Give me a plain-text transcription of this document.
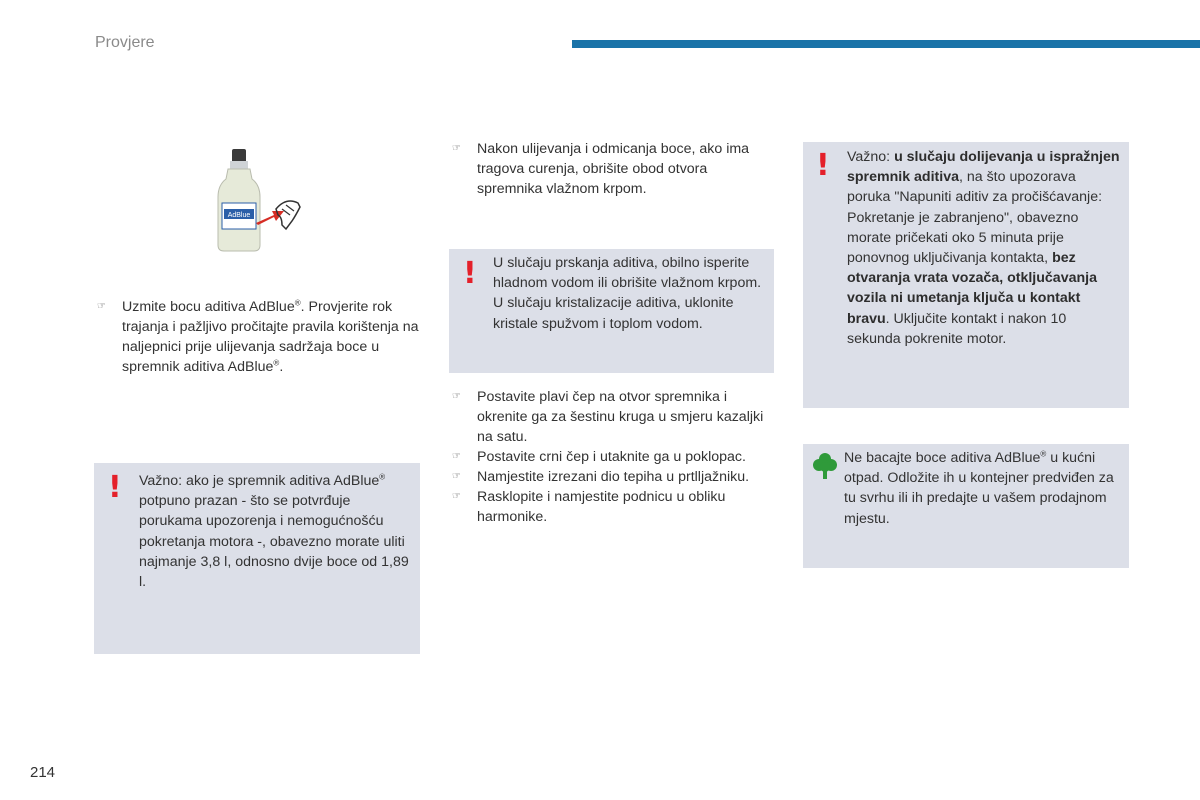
Provjere
AdBlue
☞	Uzmite bocu aditiva AdBlue®. Provjerite rok trajanja i pažljivo pročitajte pravila korištenja na naljepnici prije ulijevanja sadržaja boce u spremnik aditiva AdBlue®.
! Važno: ako je spremnik aditiva AdBlue® potpuno prazan - što se potvrđuje porukama upozorenja i nemogućnošću pokretanja motora -, obavezno morate uliti najmanje 3,8 l, odnosno dvije boce od 1,89 l.
☞	Nakon ulijevanja i odmicanja boce, ako ima tragova curenja, obrišite obod otvora spremnika vlažnom krpom.
! U slučaju prskanja aditiva, obilno isperite hladnom vodom ili obrišite vlažnom krpom.

U slučaju kristalizacije aditiva, uklonite kristale spužvom i toplom vodom.

☞	Postavite plavi čep na otvor spremnika i okrenite ga za šestinu kruga u smjeru kazaljki na satu.
☞	Postavite crni čep i utaknite ga u poklopac.
☞	Namjestite izrezani dio tepiha u prtlljažniku.
☞	Rasklopite i namjestite podnicu u obliku harmonike.
! Važno: u slučaju dolijevanja u ispražnjen spremnik aditiva, na što upozorava poruka "Napuniti aditiv za pročišćavanje: Pokretanje je zabranjeno", obavezno morate pričekati oko 5 minuta prije ponovnog uključivanja kontakta, bez otvaranja vrata vozača, otključavanja vozila ni umetanja ključa u kontakt bravu. Uključite kontakt i nakon 10 sekunda pokrenite motor.
Ne bacajte boce aditiva AdBlue® u kućni otpad. Odložite ih u kontejner predviđen za tu svrhu ili ih predajte u vašem prodajnom mjestu.
214
